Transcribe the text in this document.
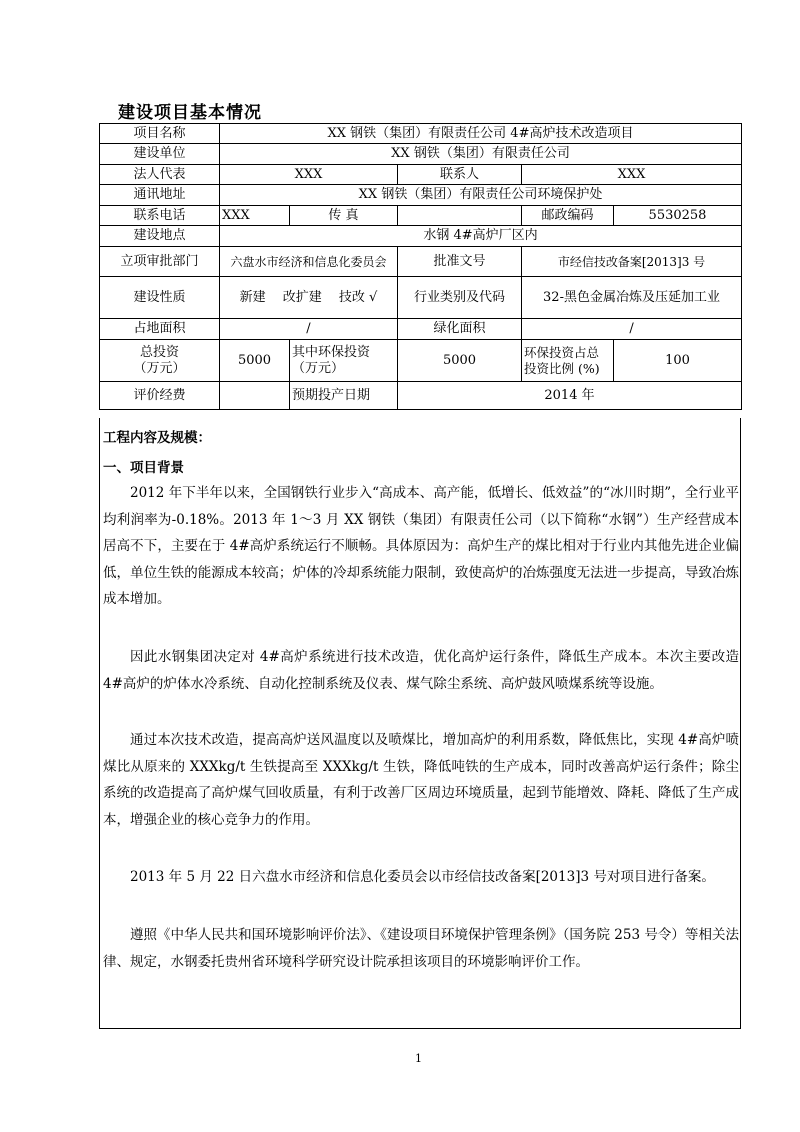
建设项目基本情况
项目名称	XX 钢铁（集团）有限责任公司 4#高炉技术改造项目				
建设单位	XX 钢铁（集团）有限责任公司				
法人代表	XXX		联系人	XXX	
通讯地址	XX 钢铁（集团）有限责任公司环境保护处				
联系电话	XXX	传 真		邮政编码	5530258
建设地点	水钢 4#高炉厂区内				
立项审批部门	六盘水市经济和信息化委员会		批准文号	市经信技改备案[2013]3 号	
建设性质	新建　 改扩建　 技改 √		行业类别及代码	32-黑色金属冶炼及压延加工业	
占地面积	/		绿化面积	/	
总投资（万元）	5000	其中环保投资（万元）	5000	环保投资占总投资比例 (%)	100
评价经费		预期投产日期	2014 年		
工程内容及规模：
一、项目背景

2012 年下半年以来，全国钢铁行业步入“高成本、高产能，低增长、低效益”的“冰川时期”，全行业平均利润率为-0.18%。2013 年 1～3 月 XX 钢铁（集团）有限责任公司（以下简称“水钢”）生产经营成本居高不下，主要在于 4#高炉系统运行不顺畅。具体原因为：高炉生产的煤比相对于行业内其他先进企业偏低，单位生铁的能源成本较高；炉体的冷却系统能力限制，致使高炉的冶炼强度无法进一步提高，导致冶炼成本增加。

因此水钢集团决定对 4#高炉系统进行技术改造，优化高炉运行条件，降低生产成本。本次主要改造 4#高炉的炉体水冷系统、自动化控制系统及仪表、煤气除尘系统、高炉鼓风喷煤系统等设施。

通过本次技术改造，提高高炉送风温度以及喷煤比，增加高炉的利用系数，降低焦比，实现 4#高炉喷煤比从原来的 XXXkg/t 生铁提高至 XXXkg/t 生铁，降低吨铁的生产成本，同时改善高炉运行条件；除尘系统的改造提高了高炉煤气回收质量，有利于改善厂区周边环境质量，起到节能增效、降耗、降低了生产成本，增强企业的核心竞争力的作用。

2013 年 5 月 22 日六盘水市经济和信息化委员会以市经信技改备案[2013]3 号对项目进行备案。

遵照《中华人民共和国环境影响评价法》、《建设项目环境保护管理条例》（国务院 253 号令）等相关法律、规定，水钢委托贵州省环境科学研究设计院承担该项目的环境影响评价工作。

1
